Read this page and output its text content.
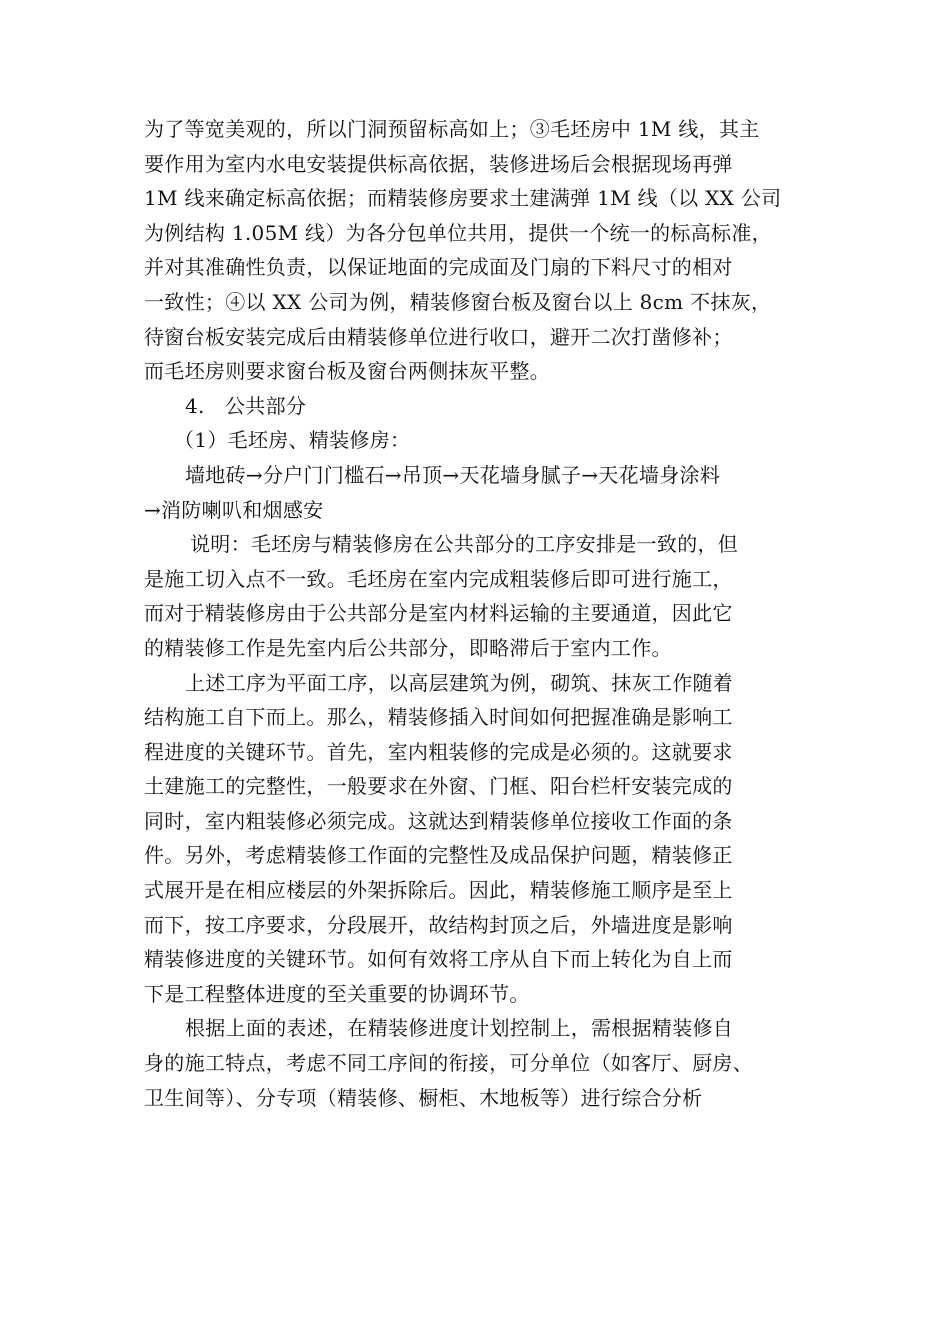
为了等宽美观的，所以门洞预留标高如上；③毛坯房中 1M 线，其主
要作用为室内水电安装提供标高依据，装修进场后会根据现场再弹
1M 线来确定标高依据；而精装修房要求土建满弹 1M 线（以 XX 公司
为例结构 1.05M 线）为各分包单位共用，提供一个统一的标高标准，
并对其准确性负责，以保证地面的完成面及门扇的下料尺寸的相对
一致性；④以 XX 公司为例，精装修窗台板及窗台以上 8cm 不抹灰，
待窗台板安装完成后由精装修单位进行收口，避开二次打凿修补；
而毛坯房则要求窗台板及窗台两侧抹灰平整。

4.　公共部分

（1）毛坯房、精装修房：

墙地砖→分户门门槛石→吊顶→天花墙身腻子→天花墙身涂料
→消防喇叭和烟感安

说明：毛坯房与精装修房在公共部分的工序安排是一致的，但
是施工切入点不一致。毛坯房在室内完成粗装修后即可进行施工，
而对于精装修房由于公共部分是室内材料运输的主要通道，因此它
的精装修工作是先室内后公共部分，即略滞后于室内工作。

上述工序为平面工序，以高层建筑为例，砌筑、抹灰工作随着
结构施工自下而上。那么，精装修插入时间如何把握准确是影响工
程进度的关键环节。首先，室内粗装修的完成是必须的。这就要求
土建施工的完整性，一般要求在外窗、门框、阳台栏杆安装完成的
同时，室内粗装修必须完成。这就达到精装修单位接收工作面的条
件。另外，考虑精装修工作面的完整性及成品保护问题，精装修正
式展开是在相应楼层的外架拆除后。因此，精装修施工顺序是至上
而下，按工序要求，分段展开，故结构封顶之后，外墙进度是影响
精装修进度的关键环节。如何有效将工序从自下而上转化为自上而
下是工程整体进度的至关重要的协调环节。

根据上面的表述，在精装修进度计划控制上，需根据精装修自
身的施工特点，考虑不同工序间的衔接，可分单位（如客厅、厨房、
卫生间等）、分专项（精装修、橱柜、木地板等）进行综合分析
